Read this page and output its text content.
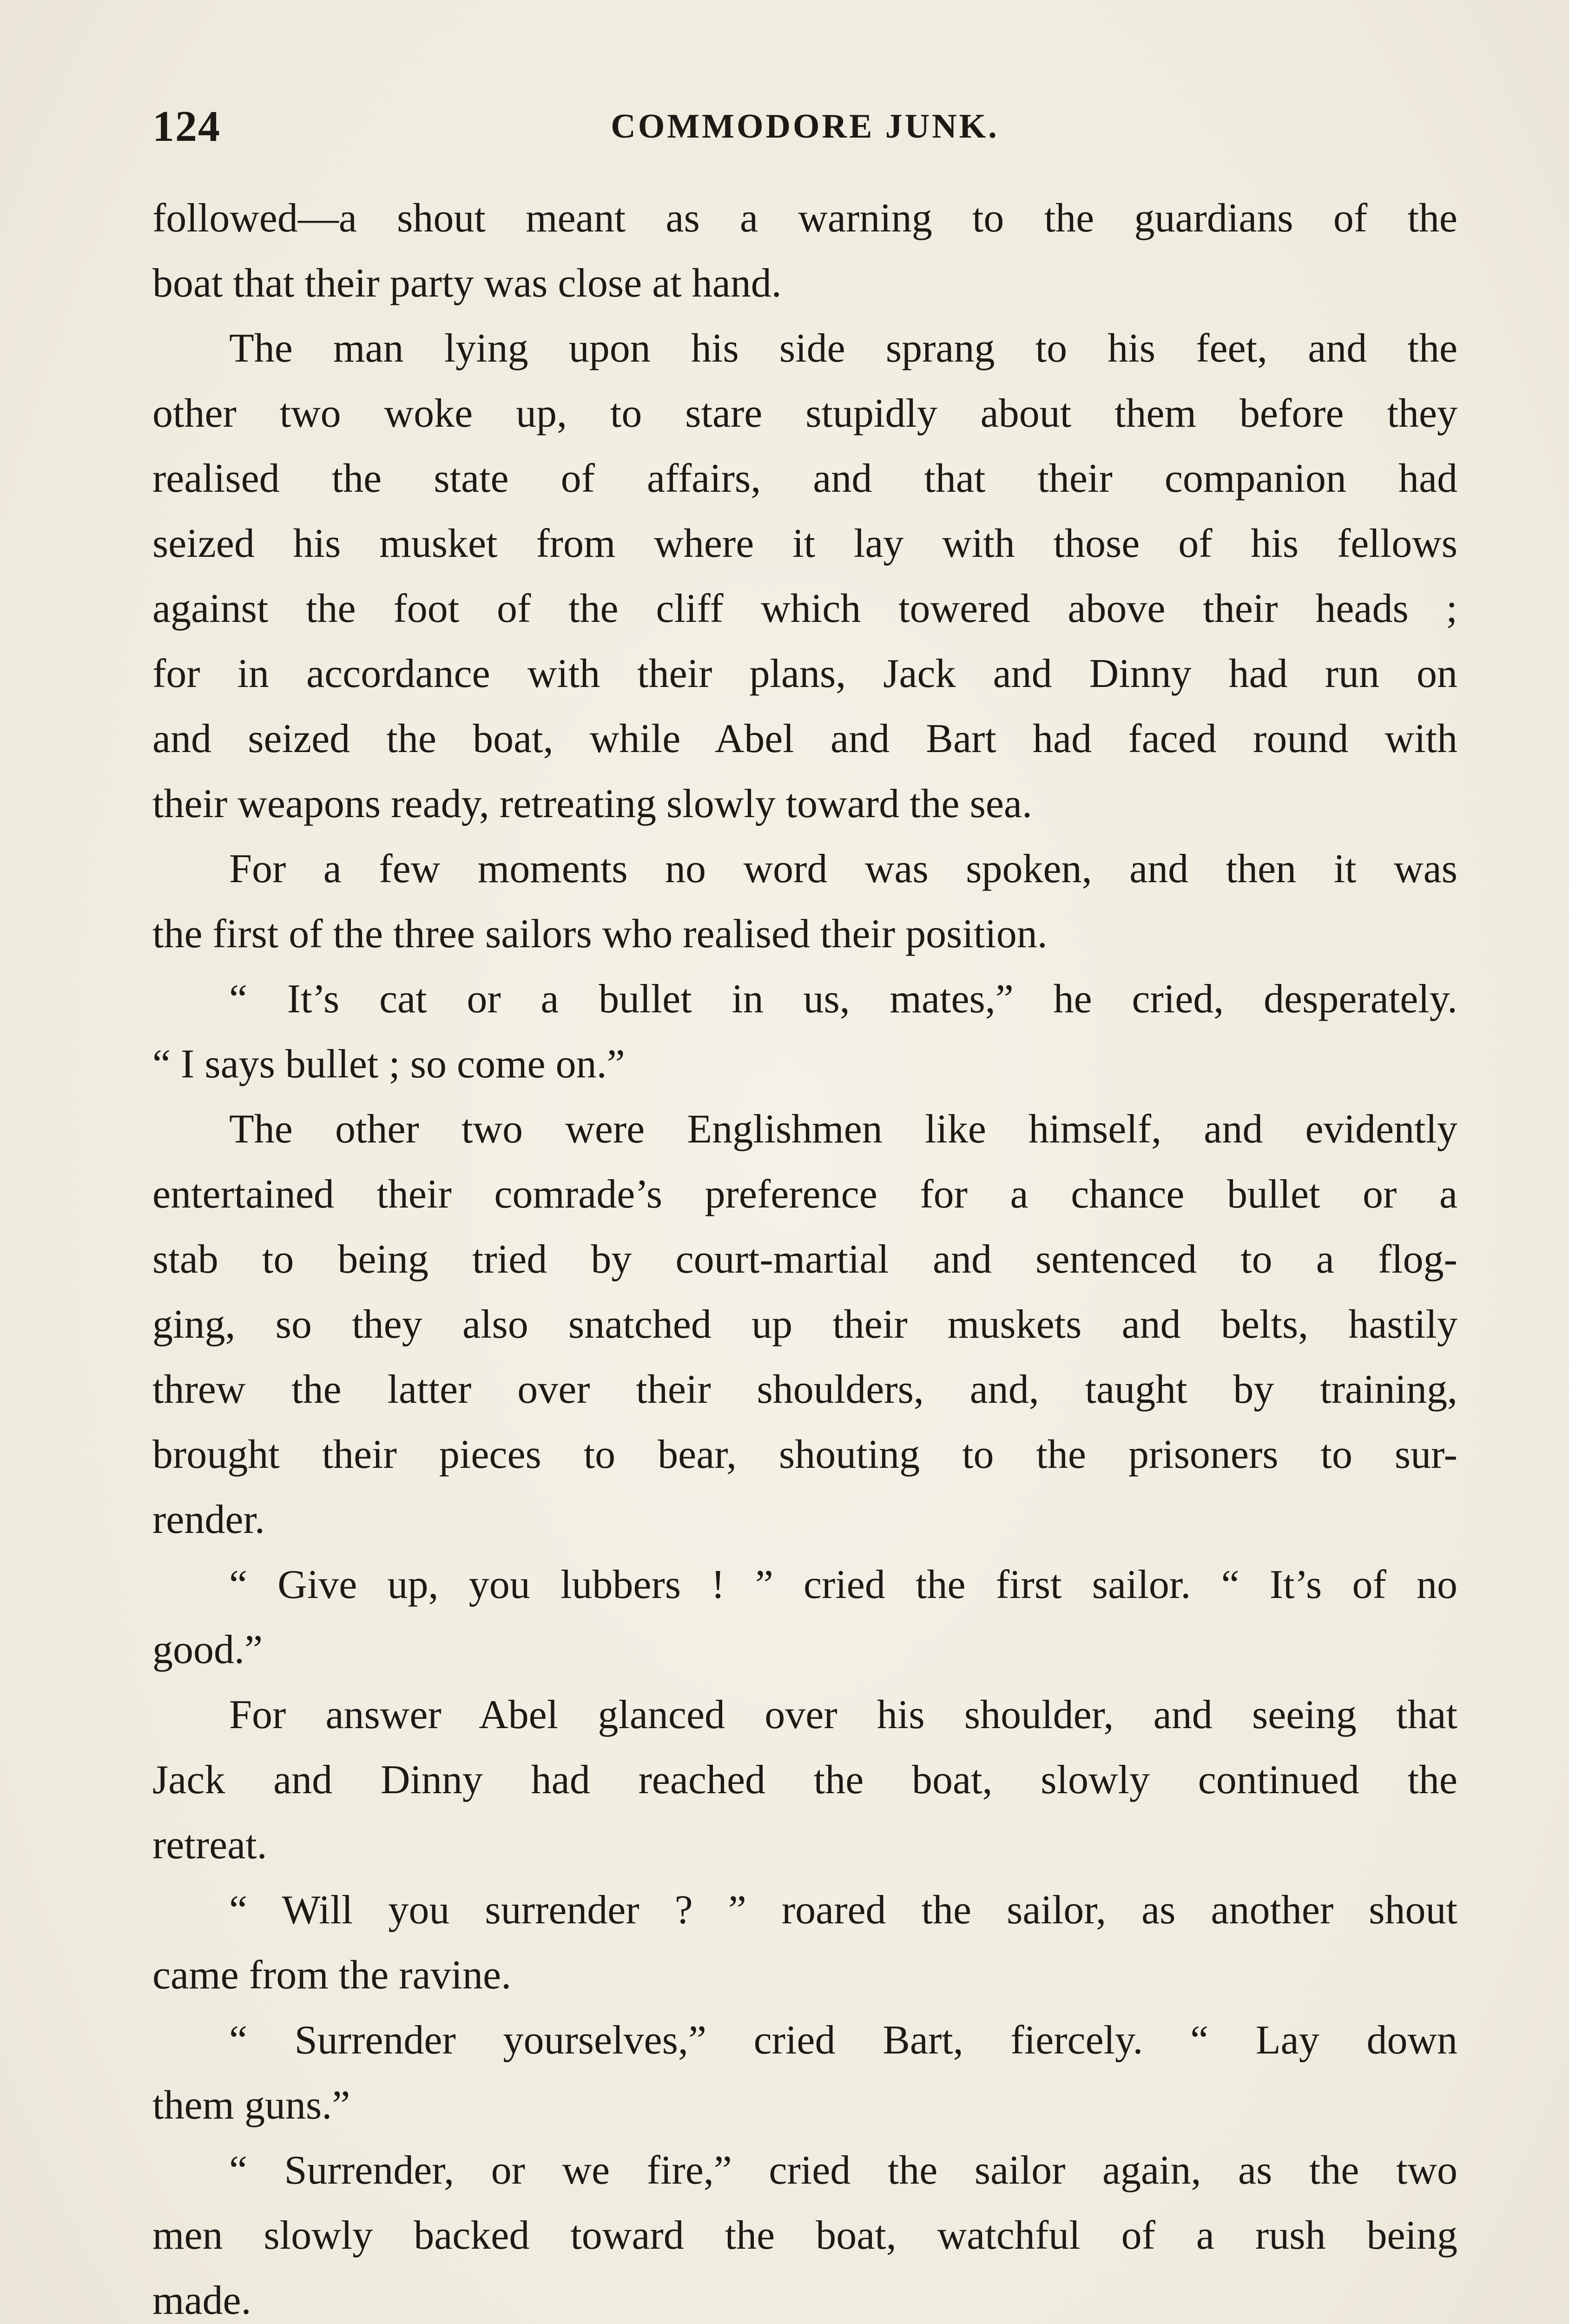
124	COMMODORE JUNK.
followed—a shout meant as a warning to the guardians of the
boat that their party was close at hand.
The man lying upon his side sprang to his feet, and the
other two woke up, to stare stupidly about them before they
realised the state of affairs, and that their companion had
seized his musket from where it lay with those of his fellows
against the foot of the cliff which towered above their heads ;
for in accordance with their plans, Jack and Dinny had run on
and seized the boat, while Abel and Bart had faced round with
their weapons ready, retreating slowly toward the sea.
For a few moments no word was spoken, and then it was
the first of the three sailors who realised their position.
“ It’s cat or a bullet in us, mates,” he cried, desperately.
“ I says bullet ; so come on.”
The other two were Englishmen like himself, and evidently
entertained their comrade’s preference for a chance bullet or a
stab to being tried by court-martial and sentenced to a flog-
ging, so they also snatched up their muskets and belts, hastily
threw the latter over their shoulders, and, taught by training,
brought their pieces to bear, shouting to the prisoners to sur-
render.
“ Give up, you lubbers ! ” cried the first sailor. “ It’s of no
good.”
For answer Abel glanced over his shoulder, and seeing that
Jack and Dinny had reached the boat, slowly continued the
retreat.
“ Will you surrender ? ” roared the sailor, as another shout
came from the ravine.
“ Surrender yourselves,” cried Bart, fiercely. “ Lay down
them guns.”
“ Surrender, or we fire,” cried the sailor again, as the two
men slowly backed toward the boat, watchful of a rush being
made.
